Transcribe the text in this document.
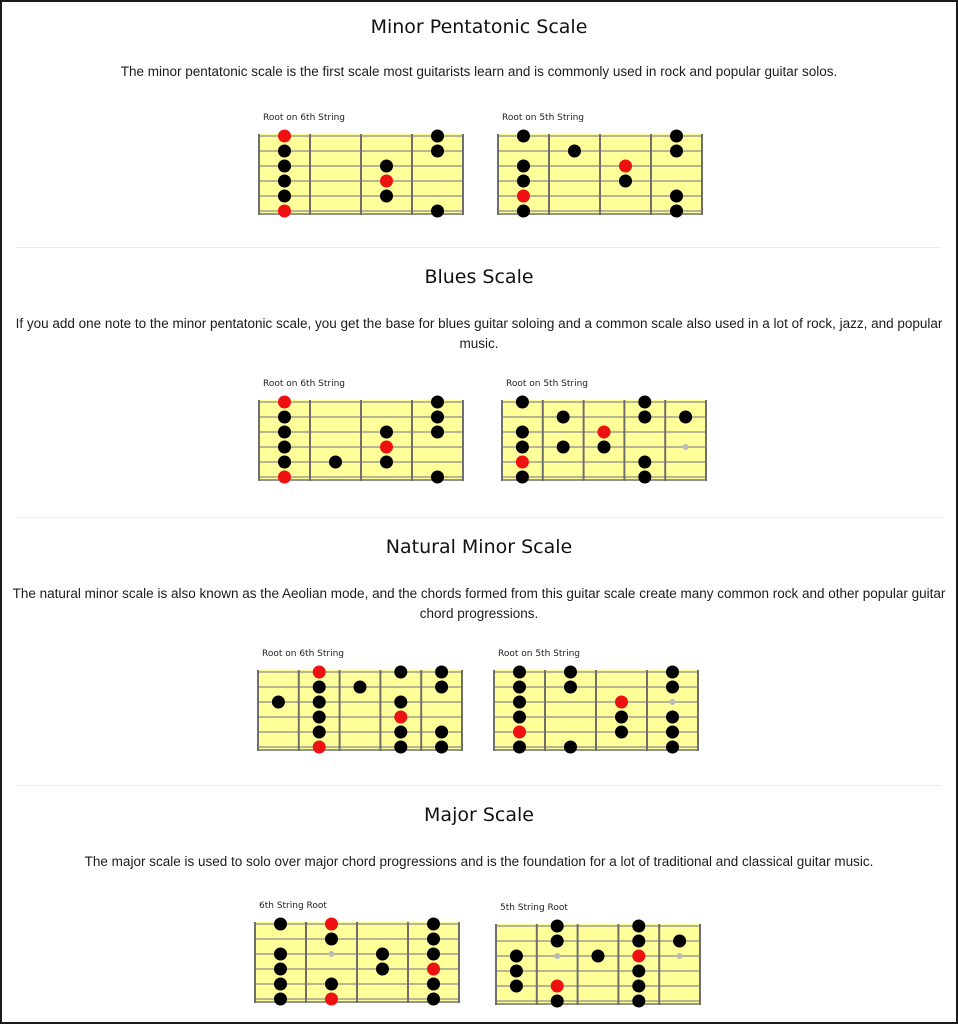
Minor Pentatonic Scale

The minor pentatonic scale is the first scale most guitarists learn and is commonly used in rock and popular guitar solos.

Root on 6th String	Root on 5th String
Blues Scale

If you add one note to the minor pentatonic scale, you get the base for blues guitar soloing and a common scale also used in a lot of rock, jazz, and popular music.

Root on 6th String	Root on 5th String
Natural Minor Scale

The natural minor scale is also known as the Aeolian mode, and the chords formed from this guitar scale create many common rock and other popular guitar chord progressions.

Root on 6th String	Root on 5th String
Major Scale

The major scale is used to solo over major chord progressions and is the foundation for a lot of traditional and classical guitar music.

6th String Root	5th String Root
